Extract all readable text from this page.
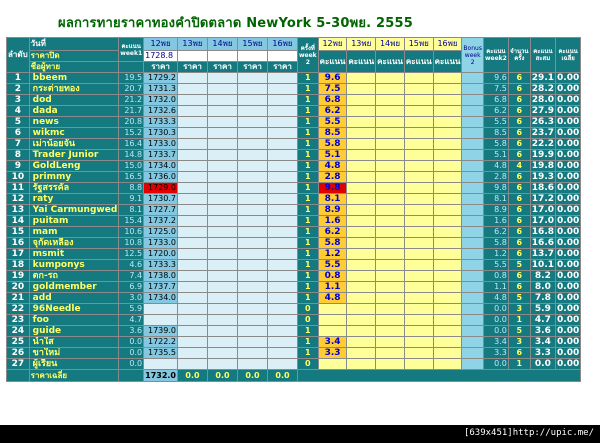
ผลการทายราคาทองคำปิดตลาด NewYork 5-30พย. 2555
ลำดับ	วันที่	คะแนน week1	12พย	13พย	14พย	15พย	16พย	ครั้งที่ week 2	12พย	13พย	14พย	15พย	16พย	Bonus week 2	คะแนน week2	จำนวนครั้ง	คะแนนสะสม	คะแนนเฉลี่ย
	ราคาปิด		1728.8						คะแนน	คะแนน	คะแนน	คะแนน	คะแนน					
	ชื่อผู้ทาย		ราคา	ราคา	ราคา	ราคา	ราคา											
1	bbeem	19.5	1729.2					1	9.6						9.6	6	29.1	0.00
2	กระต่ายทอง	20.7	1731.3					1	7.5						7.5	6	28.2	0.00
3	dod	21.2	1732.0					1	6.8						6.8	6	28.0	0.00
4	dada	21.7	1732.6					1	6.2						6.2	6	27.9	0.00
5	news	20.8	1733.3					1	5.5						5.5	6	26.3	0.00
6	wikmc	15.2	1730.3					1	8.5						8.5	6	23.7	0.00
7	เม่าน้อยจั๊น	16.4	1733.0					1	5.8						5.8	6	22.2	0.00
8	Trader Junior	14.8	1733.7					1	5.1						5.1	6	19.9	0.00
9	GoldLeng	15.0	1734.0					1	4.8						4.8	4	19.8	0.00
10	primmy	16.5	1736.0					1	2.8						2.8	6	19.3	0.00
11	รัฐสรรคัล	8.8	1729.0					1	9.8						9.8	6	18.6	0.00
12	raty	9.1	1730.7					1	8.1						8.1	6	17.2	0.00
13	Yai Carmungwed	8.1	1727.7					1	8.9						8.9	6	17.0	0.00
14	puitam	15.4	1737.2					1	1.6						1.6	6	17.0	0.00
15	mam	10.6	1725.0					1	6.2						6.2	6	16.8	0.00
16	จุกัดเหลือง	10.8	1733.0					1	5.8						5.8	6	16.6	0.00
17	msmit	12.5	1720.0					1	1.2						1.2	6	13.7	0.00
18	kumponys	4.6	1733.3					1	5.5						5.5	5	10.1	0.00
19	ตก-รถ	7.4	1738.0					1	0.8						0.8	6	8.2	0.00
20	goldmember	6.9	1737.7					1	1.1						1.1	6	8.0	0.00
21	add	3.0	1734.0					1	4.8						4.8	5	7.8	0.00
22	96Needle	5.9						0							0.0	3	5.9	0.00
23	foo	4.7						0							0.0	1	4.7	0.00
24	guide	3.6	1739.0					1							0.0	5	3.6	0.00
25	น้ำใส	0.0	1722.2					1	3.4						3.4	3	3.4	0.00
26	ขาใหม่	0.0	1735.5					1	3.3						3.3	6	3.3	0.00
27	ผู้เรียน	0.0						0							0.0	1	0.0	0.00
	ราคาเฉลี่ย		1732.0	0.0	0.0	0.0	0.0											
[639x451]http://upic.me/
